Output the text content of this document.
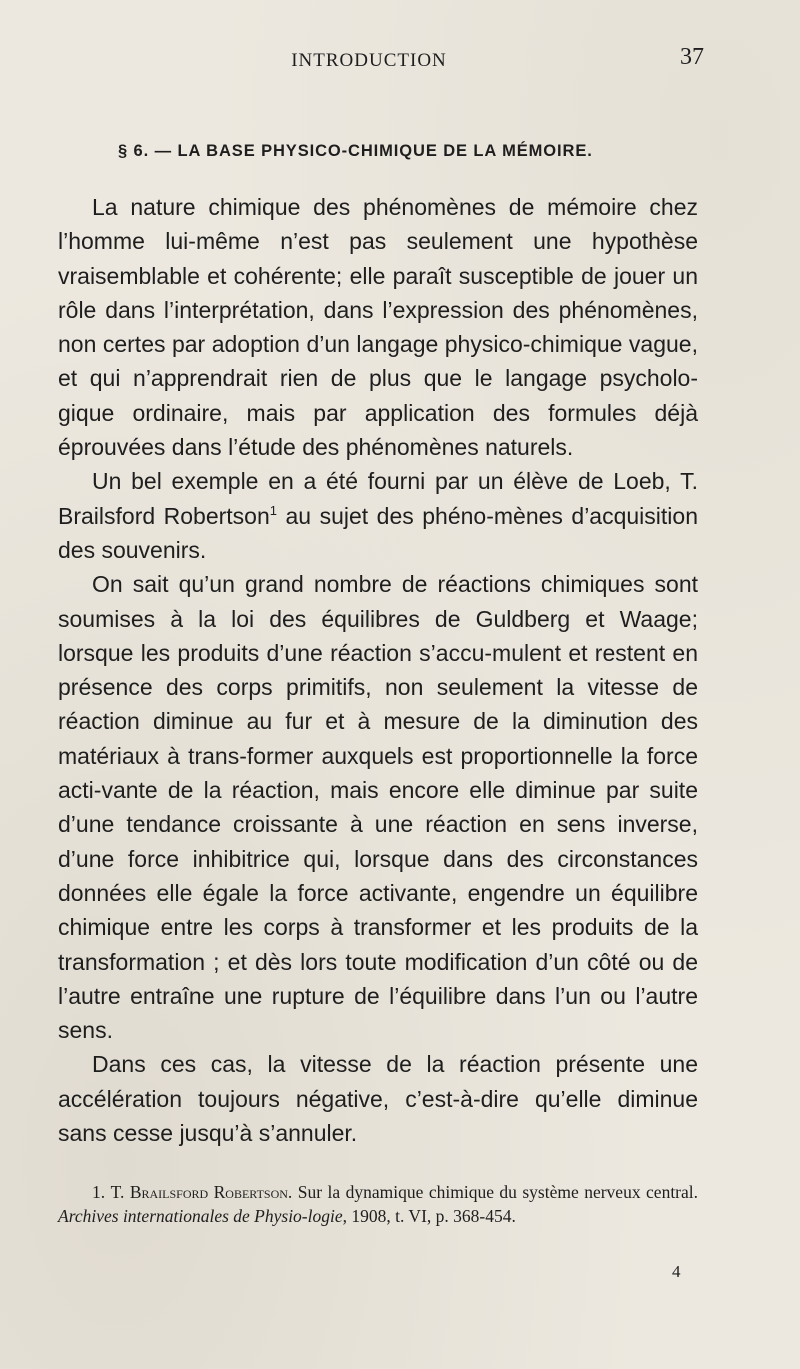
INTRODUCTION	37
§ 6. — LA BASE PHYSICO-CHIMIQUE DE LA MÉMOIRE.

La nature chimique des phénomènes de mémoire chez l’homme lui-même n’est pas seulement une hypothèse vraisemblable et cohérente; elle paraît susceptible de jouer un rôle dans l’interprétation, dans l’expression des phénomènes, non certes par adoption d’un langage physico-chimique vague, et qui n’apprendrait rien de plus que le langage psycholo-gique ordinaire, mais par application des formules déjà éprouvées dans l’étude des phénomènes naturels.

Un bel exemple en a été fourni par un élève de Loeb, T. Brailsford Robertson$^1$ au sujet des phéno-mènes d’acquisition des souvenirs.

On sait qu’un grand nombre de réactions chimiques sont soumises à la loi des équilibres de Guldberg et Waage; lorsque les produits d’une réaction s’accu-mulent et restent en présence des corps primitifs, non seulement la vitesse de réaction diminue au fur et à mesure de la diminution des matériaux à trans-former auxquels est proportionnelle la force acti-vante de la réaction, mais encore elle diminue par suite d’une tendance croissante à une réaction en sens inverse, d’une force inhibitrice qui, lorsque dans des circonstances données elle égale la force activante, engendre un équilibre chimique entre les corps à transformer et les produits de la transformation ; et dès lors toute modification d’un côté ou de l’autre entraîne une rupture de l’équilibre dans l’un ou l’autre sens.

Dans ces cas, la vitesse de la réaction présente une accélération toujours négative, c’est-à-dire qu’elle diminue sans cesse jusqu’à s’annuler.

1. T. Brailsford Robertson. Sur la dynamique chimique du système nerveux central. Archives internationales de Physio-logie, 1908, t. VI, p. 368-454.

4
